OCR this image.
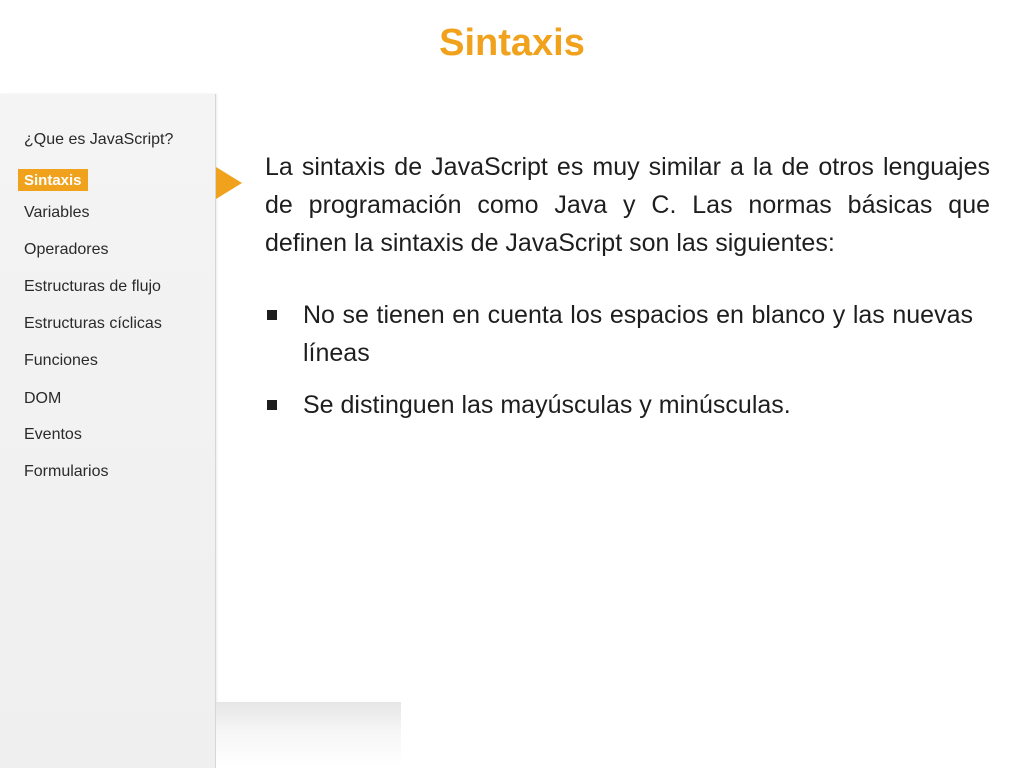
Sintaxis
¿Que es JavaScript?
Sintaxis
Variables
Operadores
Estructuras de flujo
Estructuras cíclicas
Funciones
DOM
Eventos
Formularios

La sintaxis de JavaScript es muy similar a la de otros lenguajes de programación como Java y C. Las normas básicas que definen la sintaxis de JavaScript son las siguientes:

No se tienen en cuenta los espacios en blanco y las nuevas líneas
Se distinguen las mayúsculas y minúsculas.
